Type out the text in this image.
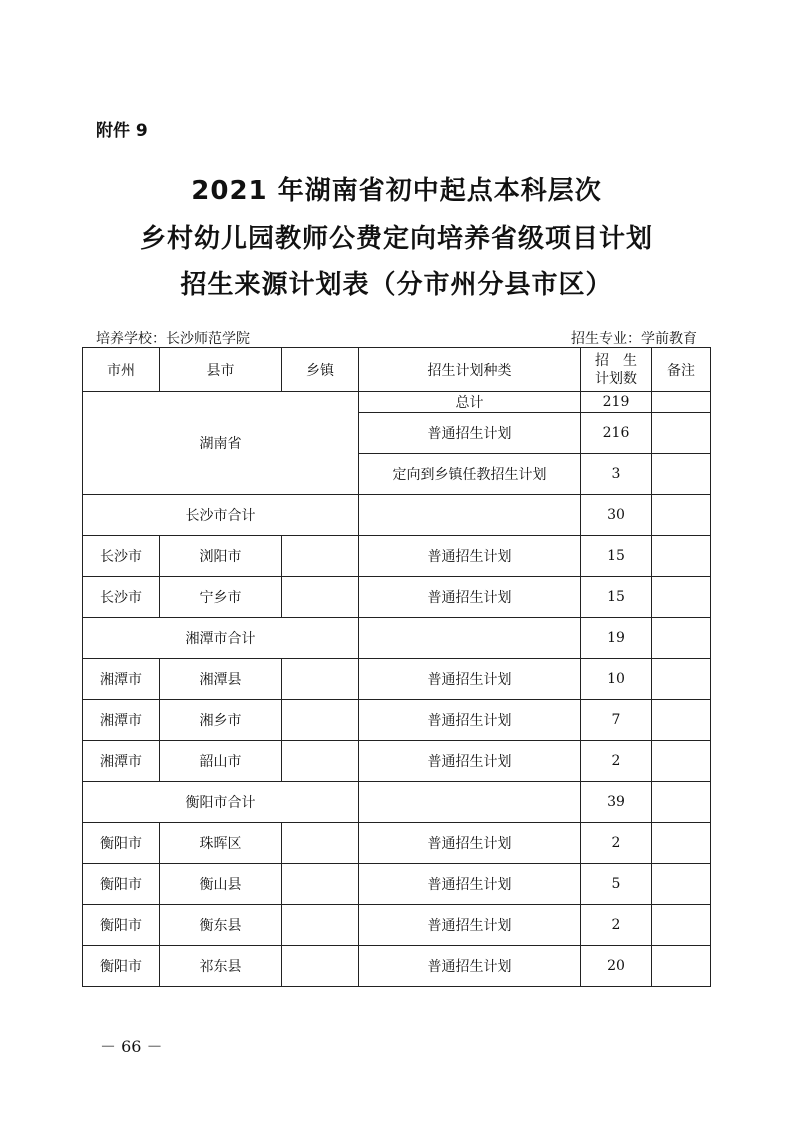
附件 9
2021 年湖南省初中起点本科层次
乡村幼儿园教师公费定向培养省级项目计划
招生来源计划表（分市州分县市区）
培养学校：长沙师范学院	招生专业：学前教育
市州	县市	乡镇	招生计划种类	招　生
计划数	备注
湖南省			总计	219	
			普通招生计划	216	
			定向到乡镇任教招生计划	3	
长沙市合计				30	
长沙市	浏阳市		普通招生计划	15	
长沙市	宁乡市		普通招生计划	15	
湘潭市合计				19	
湘潭市	湘潭县		普通招生计划	10	
湘潭市	湘乡市		普通招生计划	7	
湘潭市	韶山市		普通招生计划	2	
衡阳市合计				39	
衡阳市	珠晖区		普通招生计划	2	
衡阳市	衡山县		普通招生计划	5	
衡阳市	衡东县		普通招生计划	2	
衡阳市	祁东县		普通招生计划	20	
－ 66 －
